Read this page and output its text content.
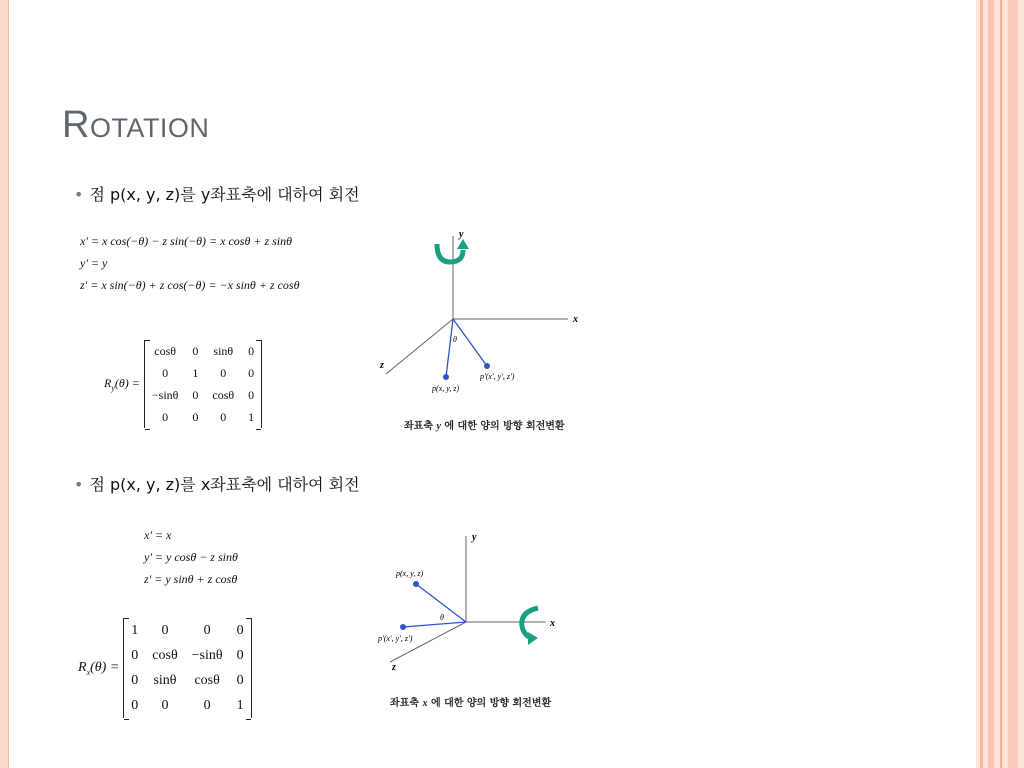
Rotation
• 점 p(x, y, z)를 y좌표축에 대하여 회전
x' = x cos(−θ) − z sin(−θ) = x cosθ + z sinθ
y' = y
z' = x sin(−θ) + z cos(−θ) = −x sinθ + z cosθ
$R_y(\theta)$ =
cosθ	0	sinθ	0
0	1	0	0
−sinθ	0	cosθ	0
0	0	0	1
y
x
z
θ
p(x, y, z)
p'(x', y', z')
좌표축 y 에 대한 양의 방향 회전변환
• 점 p(x, y, z)를 x좌표축에 대하여 회전
x' = x
y' = y cosθ − z sinθ
z' = y sinθ + z cosθ
$R_x(\theta)$ =
1	0	0	0
0	cosθ	−sinθ	0
0	sinθ	cosθ	0
0	0	0	1
y
x
z
θ
p(x, y, z)
p'(x', y', z')
좌표축 x 에 대한 양의 방향 회전변환
